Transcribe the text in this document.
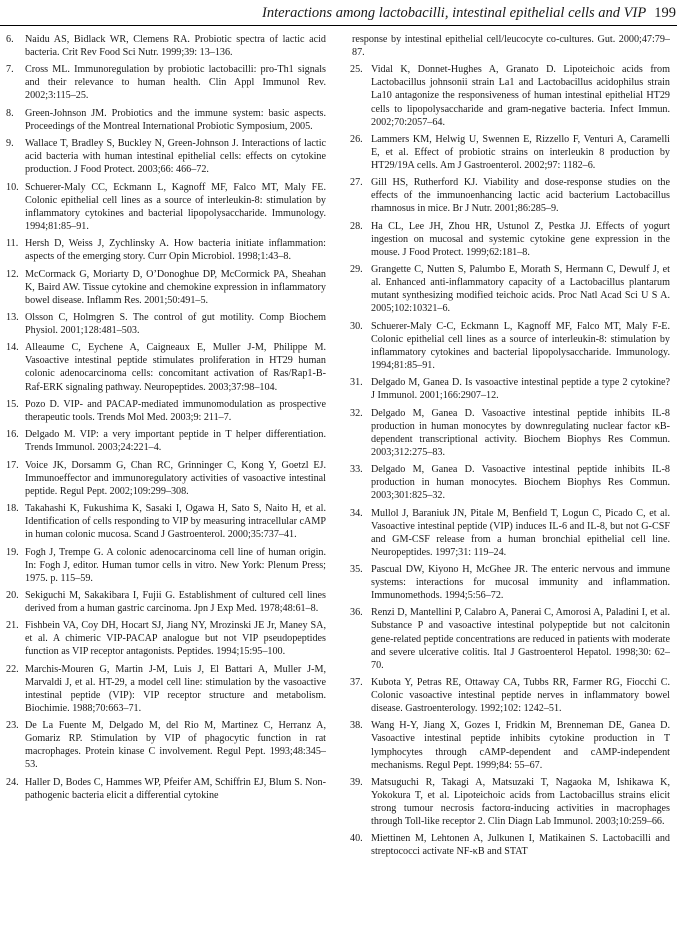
Interactions among lactobacilli, intestinal epithelial cells and VIP 199
6. Naidu AS, Bidlack WR, Clemens RA. Probiotic spectra of lactic acid bacteria. Crit Rev Food Sci Nutr. 1999;39: 13–136.
7. Cross ML. Immunoregulation by probiotic lactobacilli: pro-Th1 signals and their relevance to human health. Clin Appl Immunol Rev. 2002;3:115–25.
8. Green-Johnson JM. Probiotics and the immune system: basic aspects. Proceedings of the Montreal International Probiotic Symposium, 2005.
9. Wallace T, Bradley S, Buckley N, Green-Johnson J. Interactions of lactic acid bacteria with human intestinal epithelial cells: effects on cytokine production. J Food Protect. 2003;66: 466–72.
10. Schuerer-Maly CC, Eckmann L, Kagnoff MF, Falco MT, Maly FE. Colonic epithelial cell lines as a source of interleukin-8: stimulation by inflammatory cytokines and bacterial lipopolysaccharide. Immunology. 1994;81:85–91.
11. Hersh D, Weiss J, Zychlinsky A. How bacteria initiate inflammation: aspects of the emerging story. Curr Opin Microbiol. 1998;1:43–8.
12. McCormack G, Moriarty D, O’Donoghue DP, McCormick PA, Sheahan K, Baird AW. Tissue cytokine and chemokine expression in inflammatory bowel disease. Inflamm Res. 2001;50:491–5.
13. Olsson C, Holmgren S. The control of gut motility. Comp Biochem Physiol. 2001;128:481–503.
14. Alleaume C, Eychene A, Caigneaux E, Muller J-M, Philippe M. Vasoactive intestinal peptide stimulates proliferation in HT29 human colonic adenocarcinoma cells: concomitant activation of Ras/Rap1-B-Raf-ERK signaling pathway. Neuropeptides. 2003;37:98–104.
15. Pozo D. VIP- and PACAP-mediated immunomodulation as prospective therapeutic tools. Trends Mol Med. 2003;9: 211–7.
16. Delgado M. VIP: a very important peptide in T helper differentiation. Trends Immunol. 2003;24:221–4.
17. Voice JK, Dorsamm G, Chan RC, Grinninger C, Kong Y, Goetzl EJ. Immunoeffector and immunoregulatory activities of vasoactive intestinal peptide. Regul Pept. 2002;109:299–308.
18. Takahashi K, Fukushima K, Sasaki I, Ogawa H, Sato S, Naito H, et al. Identification of cells responding to VIP by measuring intracellular cAMP in human colonic mucosa. Scand J Gastroenterol. 2000;35:737–41.
19. Fogh J, Trempe G. A colonic adenocarcinoma cell line of human origin. In: Fogh J, editor. Human tumor cells in vitro. New York: Plenum Press; 1975. p. 115–59.
20. Sekiguchi M, Sakakibara I, Fujii G. Establishment of cultured cell lines derived from a human gastric carcinoma. Jpn J Exp Med. 1978;48:61–8.
21. Fishbein VA, Coy DH, Hocart SJ, Jiang NY, Mrozinski JE Jr, Maney SA, et al. A chimeric VIP-PACAP analogue but not VIP pseudopeptides function as VIP receptor antagonists. Peptides. 1994;15:95–100.
22. Marchis-Mouren G, Martin J-M, Luis J, El Battari A, Muller J-M, Marvaldi J, et al. HT-29, a model cell line: stimulation by the vasoactive intestinal peptide (VIP): VIP receptor structure and metabolism. Biochimie. 1988;70:663–71.
23. De La Fuente M, Delgado M, del Rio M, Martinez C, Herranz A, Gomariz RP. Stimulation by VIP of phagocytic function in rat macrophages. Protein kinase C involvement. Regul Pept. 1993;48:345–53.
24. Haller D, Bodes C, Hammes WP, Pfeifer AM, Schiffrin EJ, Blum S. Non-pathogenic bacteria elicit a differential cytokine
response by intestinal epithelial cell/leucocyte co-cultures. Gut. 2000;47:79–87.
25. Vidal K, Donnet-Hughes A, Granato D. Lipoteichoic acids from Lactobacillus johnsonii strain La1 and Lactobacillus acidophilus strain La10 antagonize the responsiveness of human intestinal epithelial HT29 cells to lipopolysaccharide and gram-negative bacteria. Infect Immun. 2002;70:2057–64.
26. Lammers KM, Helwig U, Swennen E, Rizzello F, Venturi A, Caramelli E, et al. Effect of probiotic strains on interleukin 8 production by HT29/19A cells. Am J Gastroenterol. 2002;97: 1182–6.
27. Gill HS, Rutherford KJ. Viability and dose-response studies on the effects of the immunoenhancing lactic acid bacterium Lactobacillus rhamnosus in mice. Br J Nutr. 2001;86:285–9.
28. Ha CL, Lee JH, Zhou HR, Ustunol Z, Pestka JJ. Effects of yogurt ingestion on mucosal and systemic cytokine gene expression in the mouse. J Food Protect. 1999;62:181–8.
29. Grangette C, Nutten S, Palumbo E, Morath S, Hermann C, Dewulf J, et al. Enhanced anti-inflammatory capacity of a Lactobacillus plantarum mutant synthesizing modified teichoic acids. Proc Natl Acad Sci U S A. 2005;102:10321–6.
30. Schuerer-Maly C-C, Eckmann L, Kagnoff MF, Falco MT, Maly F-E. Colonic epithelial cell lines as a source of interleukin-8: stimulation by inflammatory cytokines and bacterial lipopolysaccharide. Immunology. 1994;81:85–91.
31. Delgado M, Ganea D. Is vasoactive intestinal peptide a type 2 cytokine? J Immunol. 2001;166:2907–12.
32. Delgado M, Ganea D. Vasoactive intestinal peptide inhibits IL-8 production in human monocytes by downregulating nuclear factor κB-dependent transcriptional activity. Biochem Biophys Res Commun. 2003;312:275–83.
33. Delgado M, Ganea D. Vasoactive intestinal peptide inhibits IL-8 production in human monocytes. Biochem Biophys Res Commun. 2003;301:825–32.
34. Mullol J, Baraniuk JN, Pitale M, Benfield T, Logun C, Picado C, et al. Vasoactive intestinal peptide (VIP) induces IL-6 and IL-8, but not G-CSF and GM-CSF release from a human bronchial epithelial cell line. Neuropeptides. 1997;31: 119–24.
35. Pascual DW, Kiyono H, McGhee JR. The enteric nervous and immune systems: interactions for mucosal immunity and inflammation. Immunomethods. 1994;5:56–72.
36. Renzi D, Mantellini P, Calabro A, Panerai C, Amorosi A, Paladini I, et al. Substance P and vasoactive intestinal polypeptide but not calcitonin gene-related peptide concentrations are reduced in patients with moderate and severe ulcerative colitis. Ital J Gastroenterol Hepatol. 1998;30: 62–70.
37. Kubota Y, Petras RE, Ottaway CA, Tubbs RR, Farmer RG, Fiocchi C. Colonic vasoactive intestinal peptide nerves in inflammatory bowel disease. Gastroenterology. 1992;102: 1242–51.
38. Wang H-Y, Jiang X, Gozes I, Fridkin M, Brenneman DE, Ganea D. Vasoactive intestinal peptide inhibits cytokine production in T lymphocytes through cAMP-dependent and cAMP-independent mechanisms. Regul Pept. 1999;84: 55–67.
39. Matsuguchi R, Takagi A, Matsuzaki T, Nagaoka M, Ishikawa K, Yokokura T, et al. Lipoteichoic acids from Lactobacillus strains elicit strong tumour necrosis factorα-inducing activities in macrophages through Toll-like receptor 2. Clin Diagn Lab Immunol. 2003;10:259–66.
40. Miettinen M, Lehtonen A, Julkunen I, Matikainen S. Lactobacilli and streptococci activate NF-κB and STAT
